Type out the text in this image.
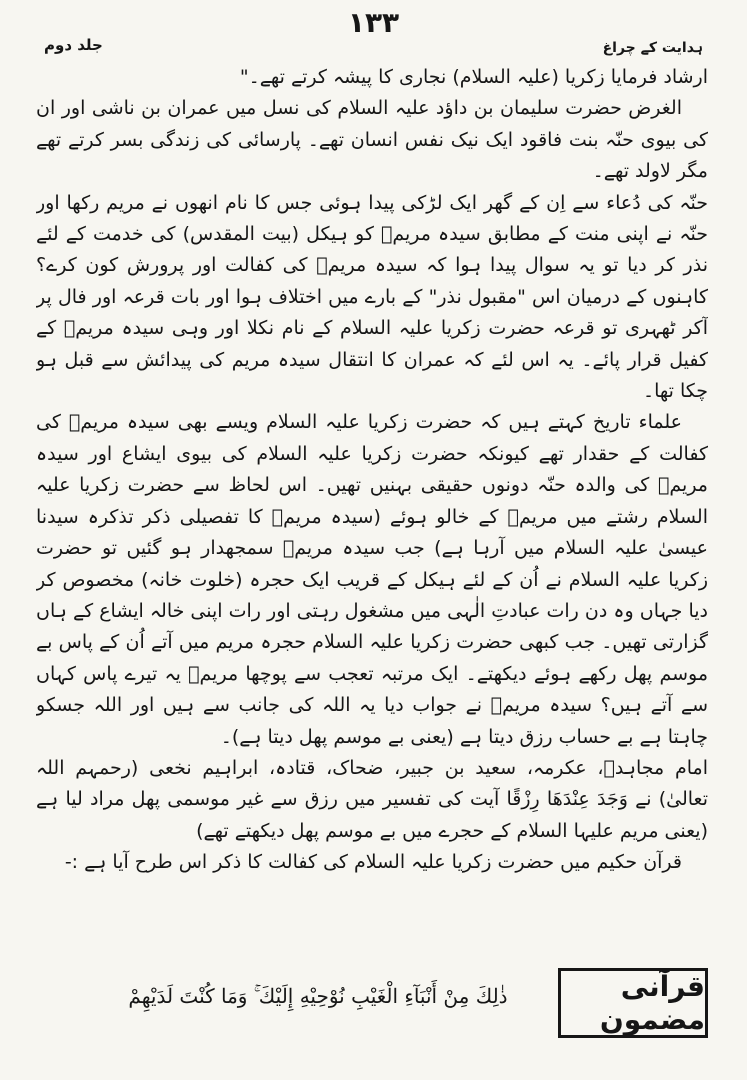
جلد دوم
١٣٣
ہدایت کے چراغ

ارشاد فرمایا زکریا (علیہ السلام) نجاری کا پیشہ کرتے تھے۔"

الغرض حضرت سلیمان بن داؤد علیہ السلام کی نسل میں عمران بن ناشی اور ان کی بیوی حنّہ بنت فاقود ایک نیک نفس انسان تھے۔ پارسائی کی زندگی بسر کرتے تھے مگر لاولد تھے۔

حنّہ کی دُعاء سے اِن کے گھر ایک لڑکی پیدا ہوئی جس کا نام انھوں نے مریم رکھا اور حنّہ نے اپنی منت کے مطابق سیدہ مریمؑ کو ہیکل (بیت المقدس) کی خدمت کے لئے نذر کر دیا تو یہ سوال پیدا ہوا کہ سیدہ مریمؑ کی کفالت اور پرورش کون کرے؟ کاہنوں کے درمیان اس "مقبول نذر" کے بارے میں اختلاف ہوا اور بات قرعہ اور فال پر آکر ٹھہری تو قرعہ حضرت زکریا علیہ السلام کے نام نکلا اور وہی سیدہ مریمؑ کے کفیل قرار پائے۔ یہ اس لئے کہ عمران کا انتقال سیدہ مریم کی پیدائش سے قبل ہو چکا تھا۔

علماء تاریخ کہتے ہیں کہ حضرت زکریا علیہ السلام ویسے بھی سیدہ مریمؑ کی کفالت کے حقدار تھے کیونکہ حضرت زکریا علیہ السلام کی بیوی ایشاع اور سیدہ مریمؑ کی والدہ حنّہ دونوں حقیقی بہنیں تھیں۔ اس لحاظ سے حضرت زکریا علیہ السلام رشتے میں مریمؑ کے خالو ہوئے (سیدہ مریمؑ کا تفصیلی ذکر تذکرہ سیدنا عیسیٰ علیہ السلام میں آرہا ہے) جب سیدہ مریمؑ سمجھدار ہو گئیں تو حضرت زکریا علیہ السلام نے اُن کے لئے ہیکل کے قریب ایک حجرہ (خلوت خانہ) مخصوص کر دیا جہاں وہ دن رات عبادتِ الٰہی میں مشغول رہتی اور رات اپنی خالہ ایشاع کے ہاں گزارتی تھیں۔ جب کبھی حضرت زکریا علیہ السلام حجرہ مریم میں آتے اُن کے پاس بے موسم پھل رکھے ہوئے دیکھتے۔ ایک مرتبہ تعجب سے پوچھا مریمؑ یہ تیرے پاس کہاں سے آتے ہیں؟ سیدہ مریمؑ نے جواب دیا یہ اللہ کی جانب سے ہیں اور اللہ جسکو چاہتا ہے بے حساب رزق دیتا ہے (یعنی بے موسم پھل دیتا ہے)۔

امام مجاہدؒ، عکرمہ، سعید بن جبیر، ضحاک، قتادہ، ابراہیم نخعی (رحمہم اللہ تعالیٰ) نے وَجَدَ عِنْدَهَا رِزْقًا آیت کی تفسیر میں رزق سے غیر موسمی پھل مراد لیا ہے (یعنی مریم علیہا السلام کے حجرے میں بے موسم پھل دیکھتے تھے)

قرآن حکیم میں حضرت زکریا علیہ السلام کی کفالت کا ذکر اس طرح آیا ہے :-

قرآنی مضمون
ذٰلِكَ مِنْ أَنْبَآءِ الْغَيْبِ نُوْحِيْهِ إِلَيْكَ ۚ وَمَا كُنْتَ لَدَيْهِمْ
